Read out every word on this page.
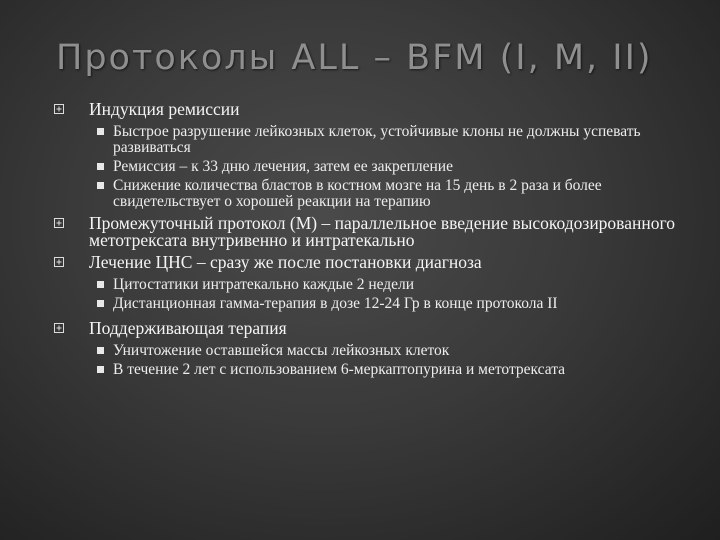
Протоколы ALL – BFM (I, M, II)
Индукция ремиссии
Быстрое разрушение лейкозных клеток, устойчивые клоны не должны успевать развиваться
Ремиссия – к 33 дню лечения, затем ее закрепление
Снижение количества бластов в костном мозге на 15 день в 2 раза и более свидетельствует о хорошей реакции на терапию
Промежуточный протокол (М) – параллельное введение высокодозированного метотрексата внутривенно и интратекально
Лечение ЦНС – сразу же после постановки диагноза
Цитостатики интратекально каждые 2 недели
Дистанционная гамма-терапия в дозе 12-24 Гр в конце протокола II
Поддерживающая терапия
Уничтожение оставшейся массы лейкозных клеток
В течение 2 лет с использованием 6-меркаптопурина и метотрексата
